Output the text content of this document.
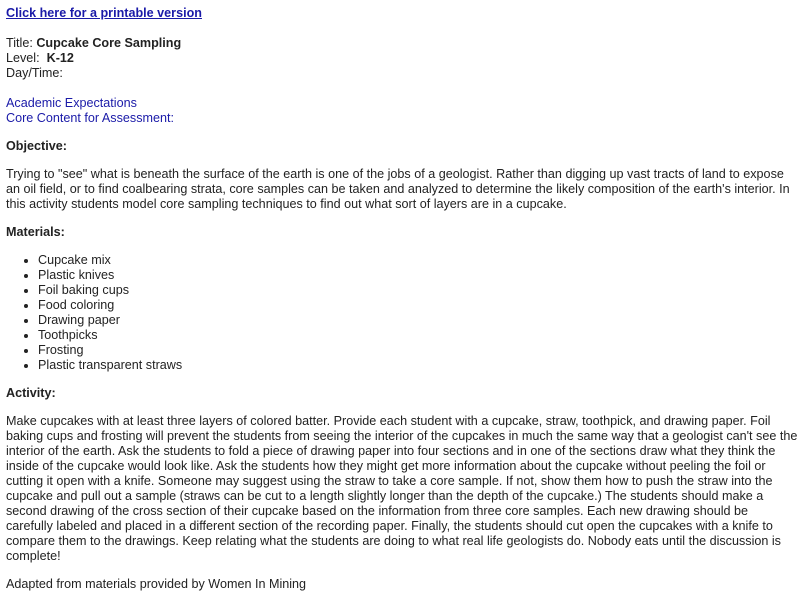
Click here for a printable version
Title: Cupcake Core Sampling
Level: K-12
Day/Time:
Academic Expectations
Core Content for Assessment:
Objective:

Trying to "see" what is beneath the surface of the earth is one of the jobs of a geologist. Rather than digging up vast tracts of land to expose an oil field, or to find coalbearing strata, core samples can be taken and analyzed to determine the likely composition of the earth's interior. In this activity students model core sampling techniques to find out what sort of layers are in a cupcake.

Materials:
• Cupcake mix
• Plastic knives
• Foil baking cups
• Food coloring
• Drawing paper
• Toothpicks
• Frosting
• Plastic transparent straws
Activity:

Make cupcakes with at least three layers of colored batter. Provide each student with a cupcake, straw, toothpick, and drawing paper. Foil baking cups and frosting will prevent the students from seeing the interior of the cupcakes in much the same way that a geologist can't see the interior of the earth. Ask the students to fold a piece of drawing paper into four sections and in one of the sections draw what they think the inside of the cupcake would look like. Ask the students how they might get more information about the cupcake without peeling the foil or cutting it open with a knife. Someone may suggest using the straw to take a core sample. If not, show them how to push the straw into the cupcake and pull out a sample (straws can be cut to a length slightly longer than the depth of the cupcake.) The students should make a second drawing of the cross section of their cupcake based on the information from three core samples. Each new drawing should be carefully labeled and placed in a different section of the recording paper. Finally, the students should cut open the cupcakes with a knife to compare them to the drawings. Keep relating what the students are doing to what real life geologists do. Nobody eats until the discussion is complete!

Adapted from materials provided by Women In Mining
